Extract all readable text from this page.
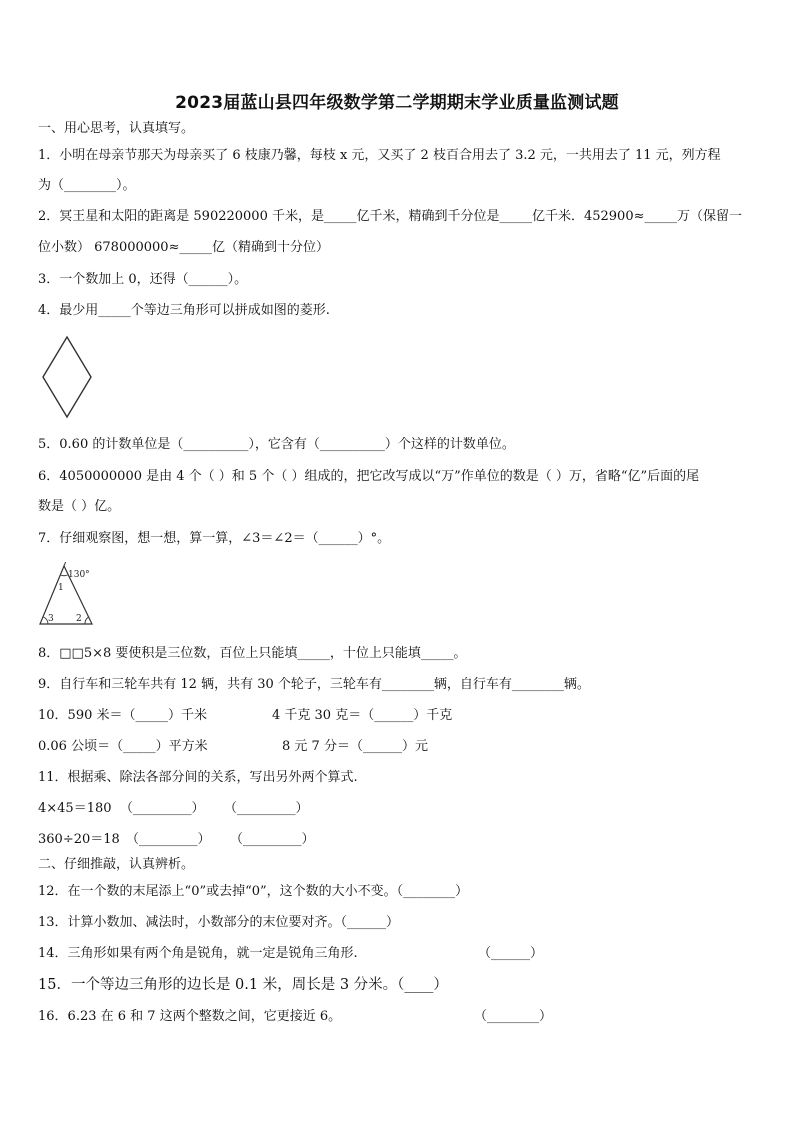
2023届蓝山县四年级数学第二学期期末学业质量监测试题
一、用心思考，认真填写。
1．小明在母亲节那天为母亲买了 6 枝康乃馨，每枝 x 元，又买了 2 枝百合用去了 3.2 元，一共用去了 11 元，列方程
为（________）。
2．冥王星和太阳的距离是 590220000 千米，是_____亿千米，精确到千分位是_____亿千米．452900≈_____万（保留一
位小数） 678000000≈_____亿（精确到十分位）
3．一个数加上 0，还得（______）。
4．最少用_____个等边三角形可以拼成如图的菱形.
5．0.60 的计数单位是（__________），它含有（__________）个这样的计数单位。
6．4050000000 是由 4 个（ ）和 5 个（ ）组成的，把它改写成以“万”作单位的数是（ ）万，省略“亿”后面的尾
数是（ ）亿。
7．仔细观察图，想一想，算一算，∠3＝∠2＝（______）°。
130°
1
3 2
8．□□5×8 要使积是三位数，百位上只能填_____，十位上只能填_____。
9．自行车和三轮车共有 12 辆，共有 30 个轮子，三轮车有________辆，自行车有________辆。
10．590 米＝（_____）千米	4 千克 30 克＝（______）千克
0.06 公顷＝（_____）平方米	8 元 7 分＝（______）元
11．根据乘、除法各部分间的关系，写出另外两个算式.
4×45＝180 （_________） （_________）
360÷20＝18 （_________） （_________）
二、仔细推敲，认真辨析。
12．在一个数的末尾添上“0”或去掉“0”，这个数的大小不变。（________）
13．计算小数加、减法时，小数部分的末位要对齐。（______）
14．三角形如果有两个角是锐角，就一定是锐角三角形.	（______）
15．一个等边三角形的边长是 0.1 米，周长是 3 分米。（____）
16．6.23 在 6 和 7 这两个整数之间，它更接近 6。	（________）
